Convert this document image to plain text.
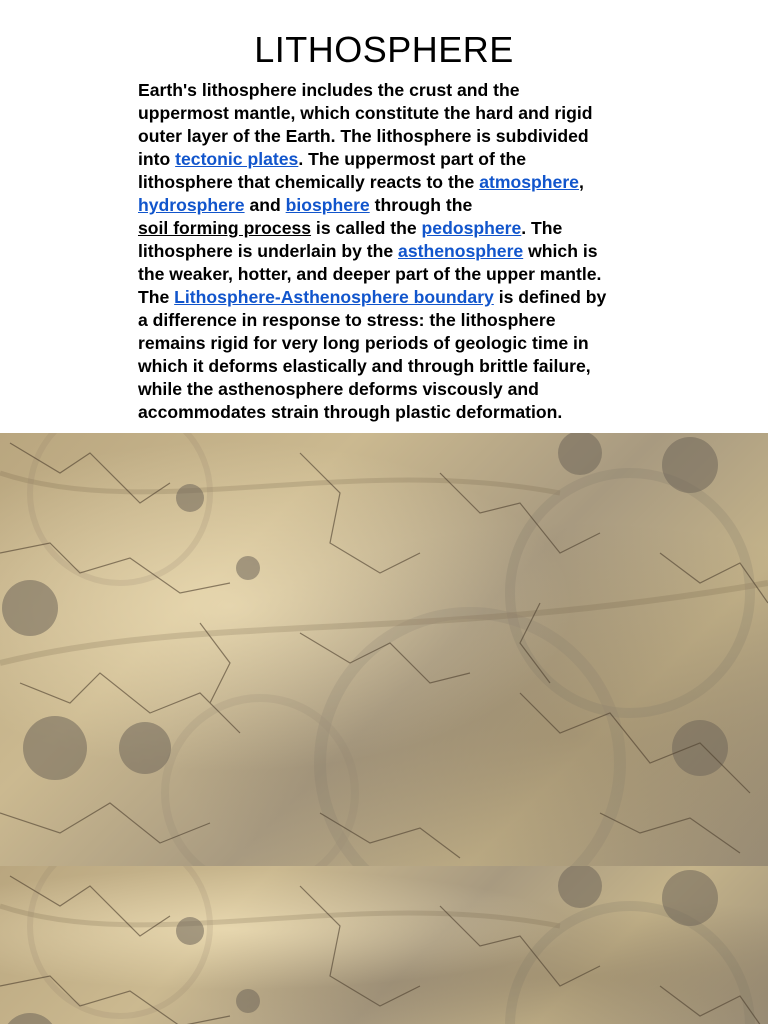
LITHOSPHERE
Earth's lithosphere includes the crust and the
uppermost mantle, which constitute the hard and rigid
outer layer of the Earth. The lithosphere is subdivided
into tectonic plates. The uppermost part of the
lithosphere that chemically reacts to the atmosphere,
hydrosphere and biosphere through the
soil forming process is called the pedosphere. The
lithosphere is underlain by the asthenosphere which is
the weaker, hotter, and deeper part of the upper mantle.
The Lithosphere-Asthenosphere boundary is defined by
a difference in response to stress: the lithosphere
remains rigid for very long periods of geologic time in
which it deforms elastically and through brittle failure,
while the asthenosphere deforms viscously and
accommodates strain through plastic deformation.
